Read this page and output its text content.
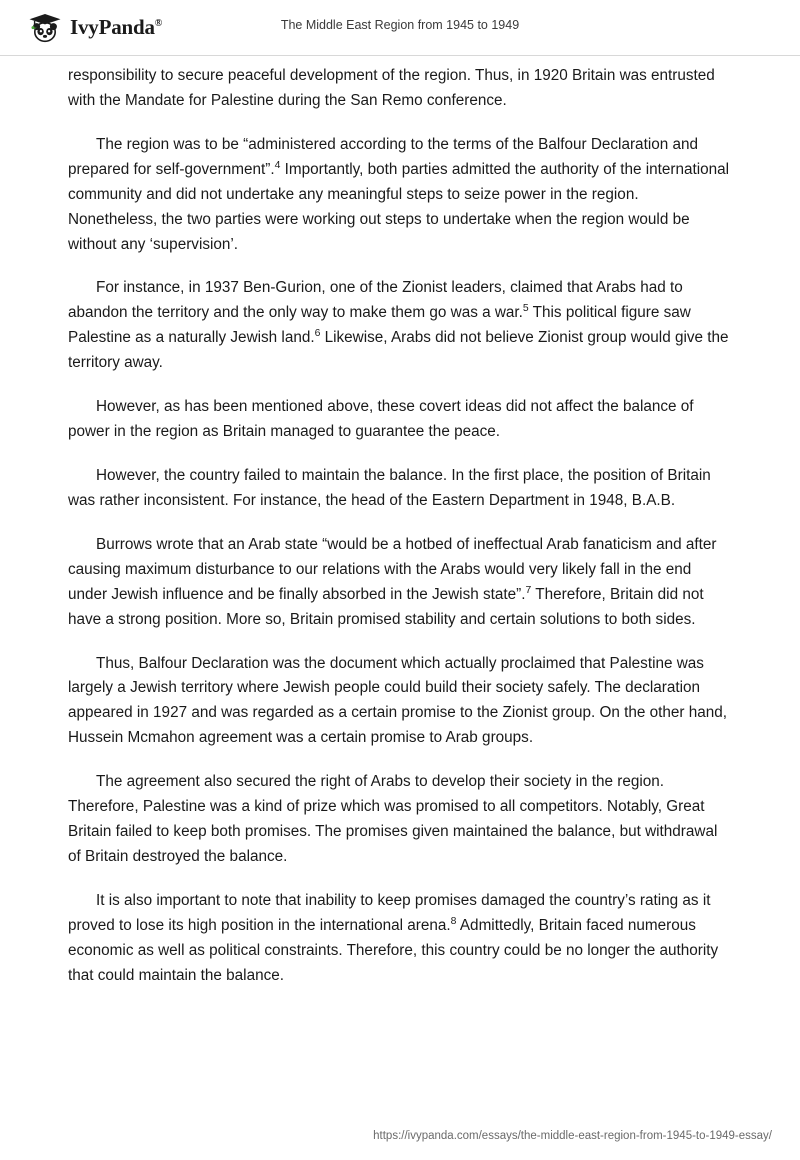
IvyPanda®	The Middle East Region from 1945 to 1949

responsibility to secure peaceful development of the region. Thus, in 1920 Britain was entrusted with the Mandate for Palestine during the San Remo conference.

The region was to be “administered according to the terms of the Balfour Declaration and prepared for self-government”.$^4$ Importantly, both parties admitted the authority of the international community and did not undertake any meaningful steps to seize power in the region. Nonetheless, the two parties were working out steps to undertake when the region would be without any ‘supervision’.

For instance, in 1937 Ben-Gurion, one of the Zionist leaders, claimed that Arabs had to abandon the territory and the only way to make them go was a war.$^5$ This political figure saw Palestine as a naturally Jewish land.$^6$ Likewise, Arabs did not believe Zionist group would give the territory away.

However, as has been mentioned above, these covert ideas did not affect the balance of power in the region as Britain managed to guarantee the peace.

However, the country failed to maintain the balance. In the first place, the position of Britain was rather inconsistent. For instance, the head of the Eastern Department in 1948, B.A.B.

Burrows wrote that an Arab state “would be a hotbed of ineffectual Arab fanaticism and after causing maximum disturbance to our relations with the Arabs would very likely fall in the end under Jewish influence and be finally absorbed in the Jewish state”.$^7$ Therefore, Britain did not have a strong position. More so, Britain promised stability and certain solutions to both sides.

Thus, Balfour Declaration was the document which actually proclaimed that Palestine was largely a Jewish territory where Jewish people could build their society safely. The declaration appeared in 1927 and was regarded as a certain promise to the Zionist group. On the other hand, Hussein Mcmahon agreement was a certain promise to Arab groups.

The agreement also secured the right of Arabs to develop their society in the region. Therefore, Palestine was a kind of prize which was promised to all competitors. Notably, Great Britain failed to keep both promises. The promises given maintained the balance, but withdrawal of Britain destroyed the balance.

It is also important to note that inability to keep promises damaged the country’s rating as it proved to lose its high position in the international arena.$^8$ Admittedly, Britain faced numerous economic as well as political constraints. Therefore, this country could be no longer the authority that could maintain the balance.

https://ivypanda.com/essays/the-middle-east-region-from-1945-to-1949-essay/
